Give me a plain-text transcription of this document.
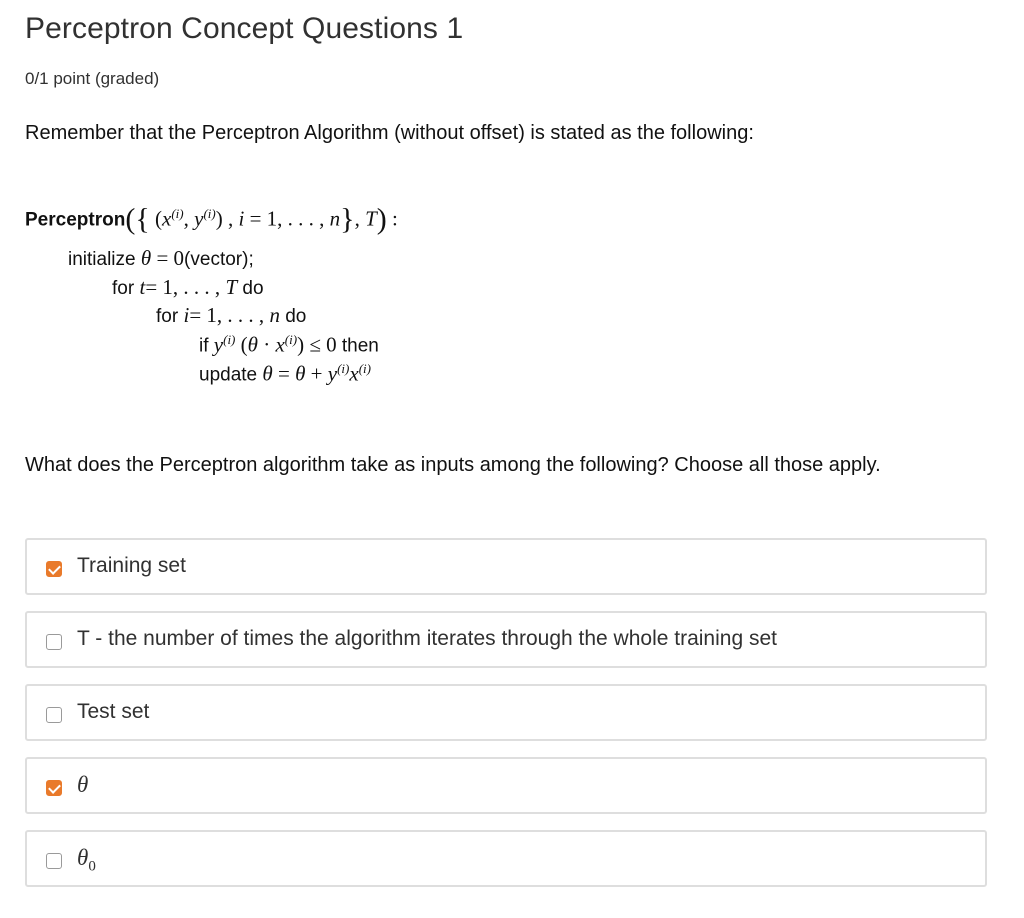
Perceptron Concept Questions 1
0/1 point (graded)
Remember that the Perceptron Algorithm (without offset) is stated as the following:
Perceptron({ ($x^{(i)}$, $y^{(i)}$) , i = 1, . . . , n}, T) :
initialize θ = 0(vector);
for t= 1, . . . , T do
for i= 1, . . . , n do
if $y^{(i)}$ $(\theta \cdot x^{(i)}) \le 0$ then
update $\theta = \theta + y^{(i)}x^{(i)}$
What does the Perceptron algorithm take as inputs among the following? Choose all those apply.
Training set
T - the number of times the algorithm iterates through the whole training set
Test set
θ
$\theta_0$
